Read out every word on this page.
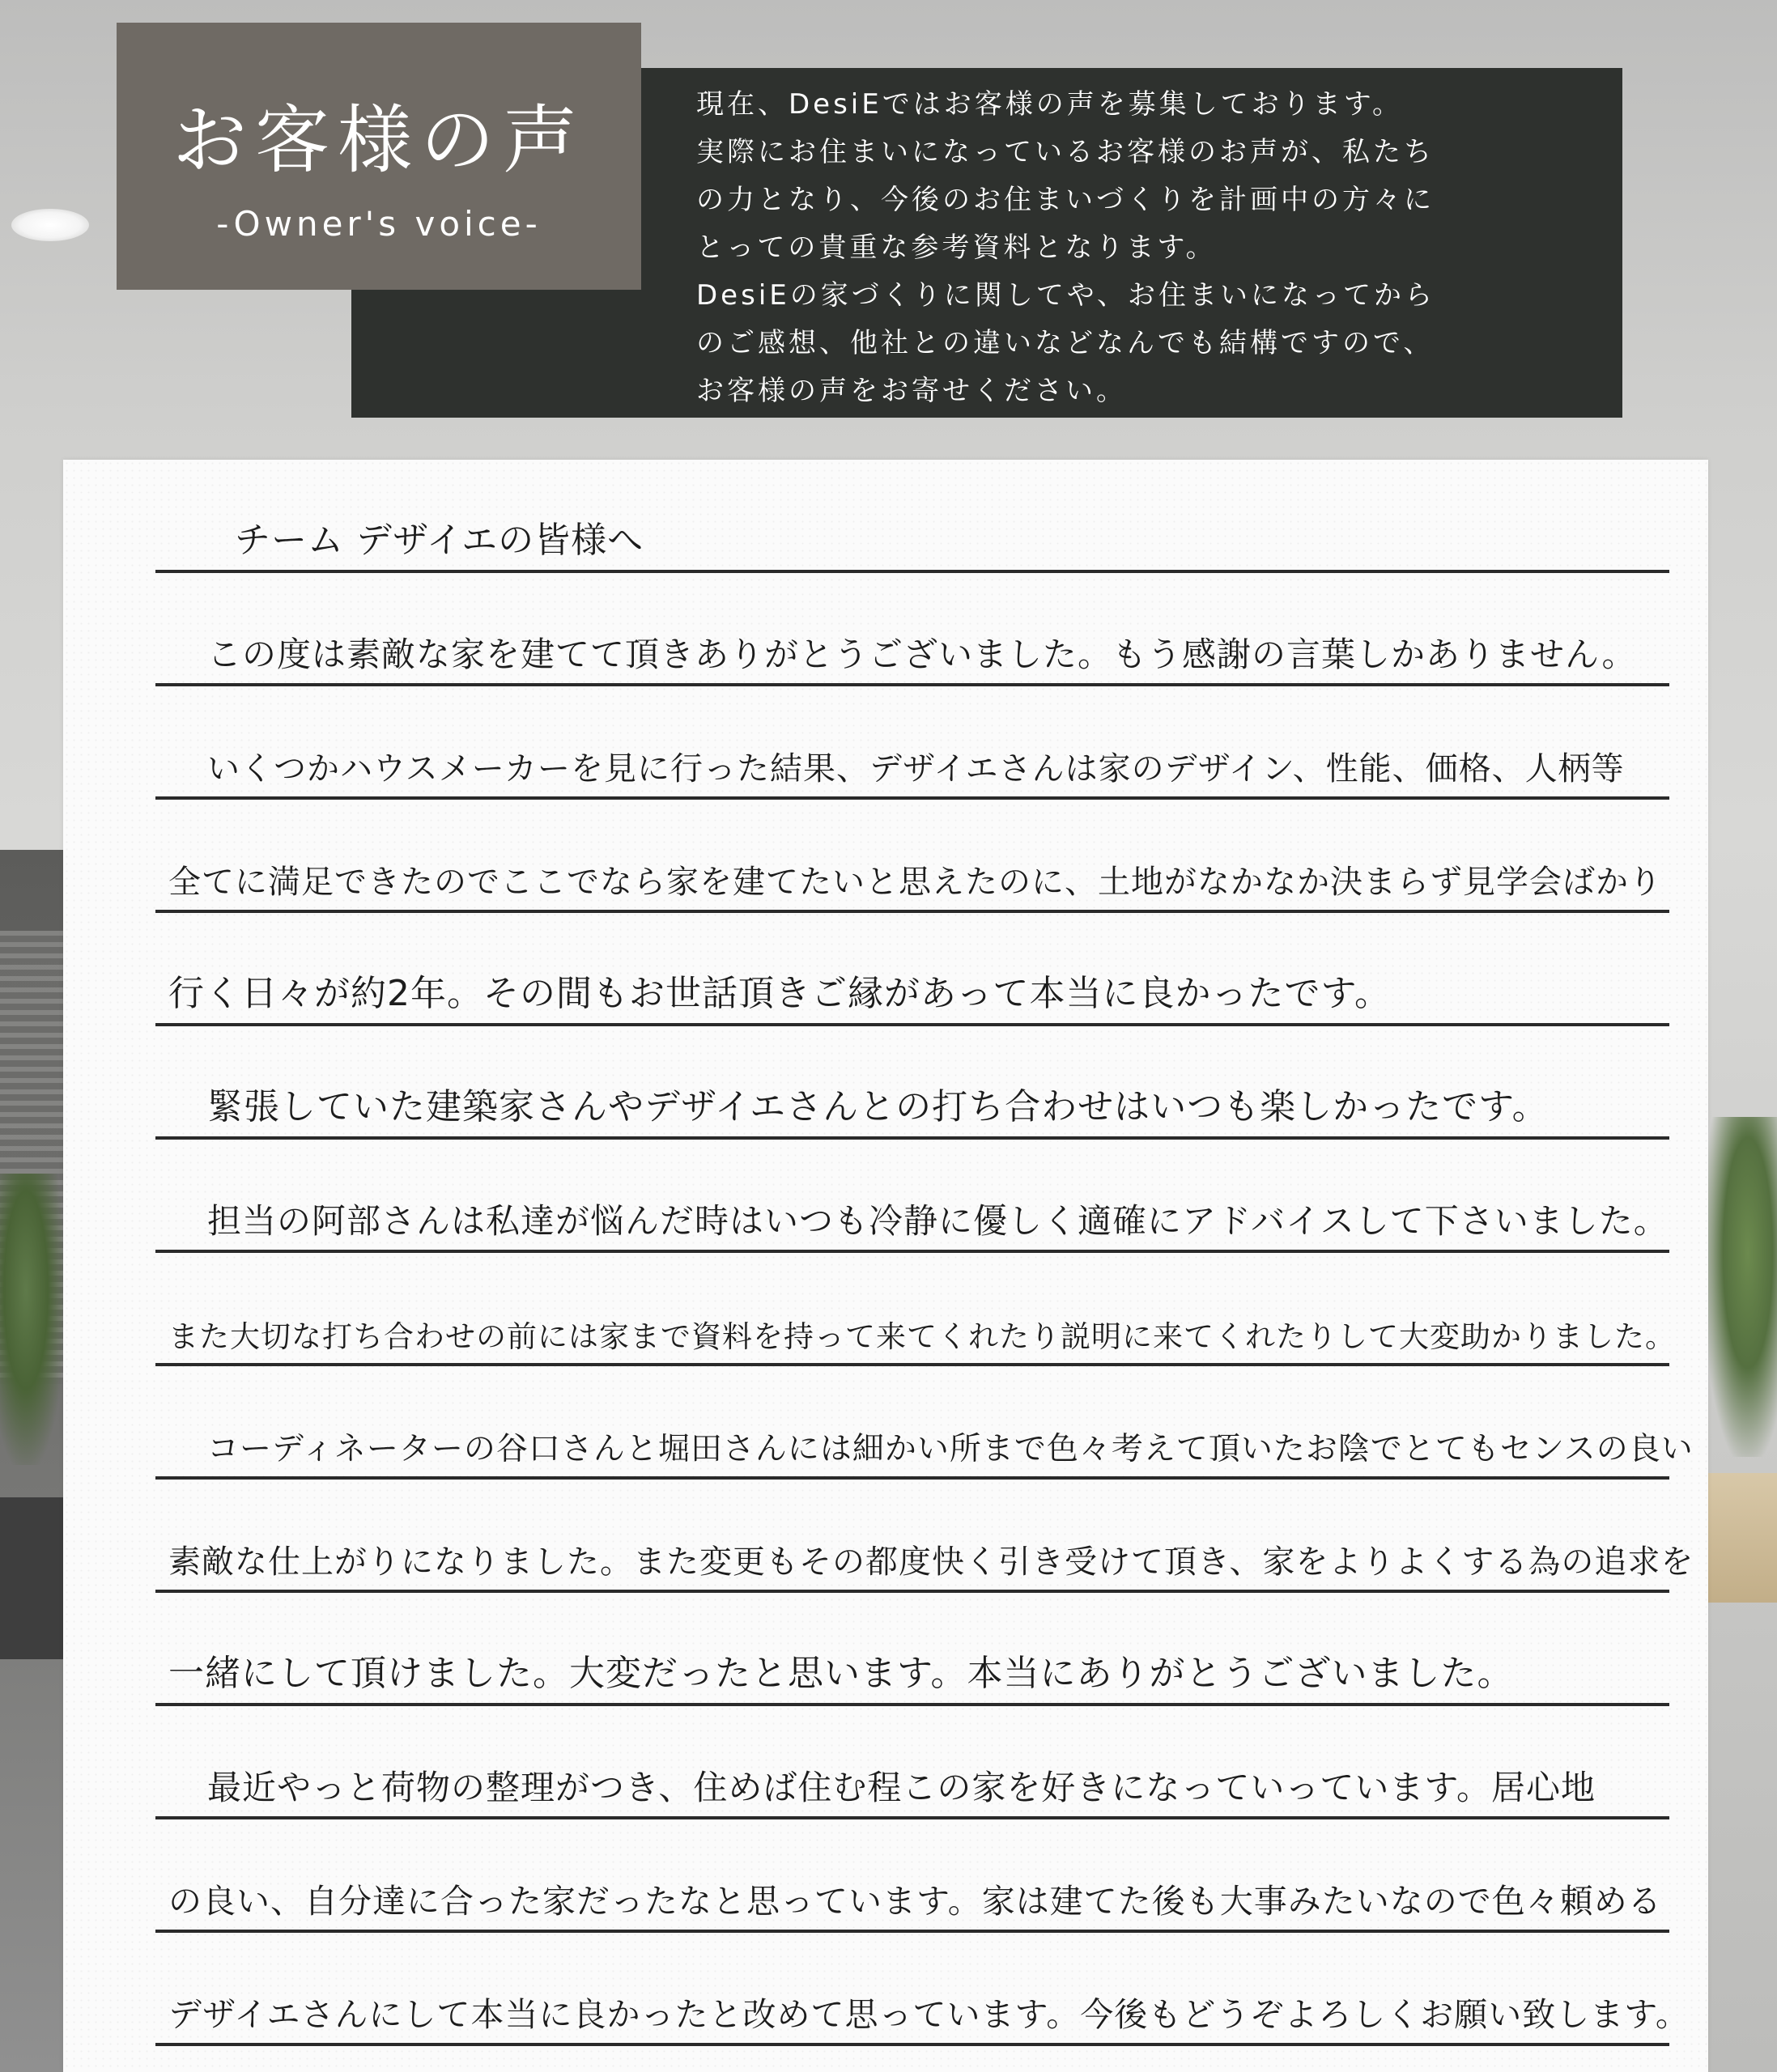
お客様の声
-Owner's voice-
現在、DesiEではお客様の声を募集しております。
実際にお住まいになっているお客様のお声が、私たち
の力となり、今後のお住まいづくりを計画中の方々に
とっての貴重な参考資料となります。
DesiEの家づくりに関してや、お住まいになってから
のご感想、他社との違いなどなんでも結構ですので、
お客様の声をお寄せください。
チーム デザイエの皆様へ
この度は素敵な家を建てて頂きありがとうございました。もう感謝の言葉しかありません。
いくつかハウスメーカーを見に行った結果、デザイエさんは家のデザイン、性能、価格、人柄等
全てに満足できたのでここでなら家を建てたいと思えたのに、土地がなかなか決まらず見学会ばかり
行く日々が約2年。その間もお世話頂きご縁があって本当に良かったです。
緊張していた建築家さんやデザイエさんとの打ち合わせはいつも楽しかったです。
担当の阿部さんは私達が悩んだ時はいつも冷静に優しく適確にアドバイスして下さいました。
また大切な打ち合わせの前には家まで資料を持って来てくれたり説明に来てくれたりして大変助かりました。
コーディネーターの谷口さんと堀田さんには細かい所まで色々考えて頂いたお陰でとてもセンスの良い
素敵な仕上がりになりました。また変更もその都度快く引き受けて頂き、家をよりよくする為の追求を
一緒にして頂けました。大変だったと思います。本当にありがとうございました。
最近やっと荷物の整理がつき、住めば住む程この家を好きになっていっています。居心地
の良い、自分達に合った家だったなと思っています。家は建てた後も大事みたいなので色々頼める
デザイエさんにして本当に良かったと改めて思っています。今後もどうぞよろしくお願い致します。
